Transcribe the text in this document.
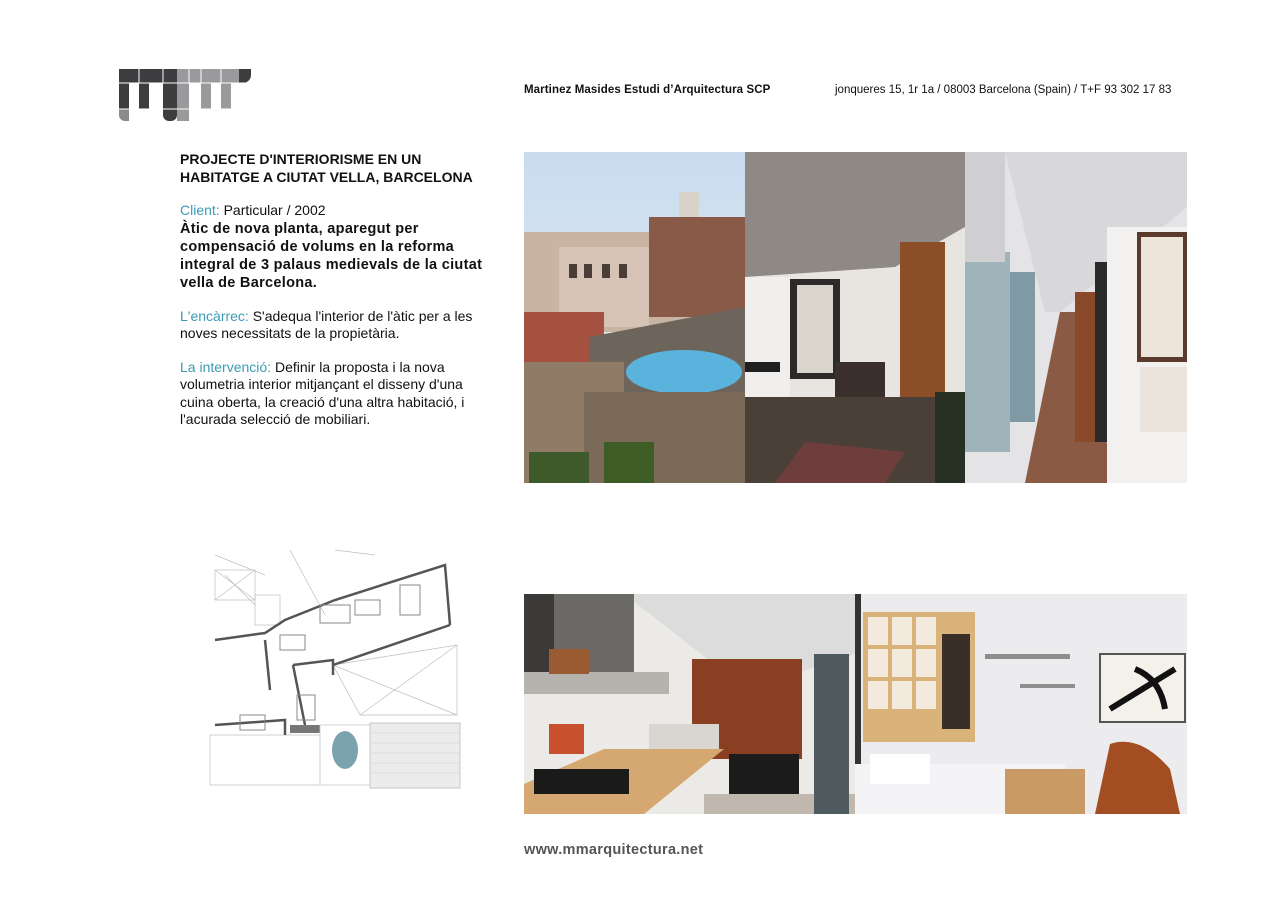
Martinez Masides Estudi d’Arquitectura SCP	jonqueres 15, 1r 1a / 08003 Barcelona (Spain) / T+F 93 302 17 83

PROJECTE D'INTERIORISME EN UN
HABITATGE A CIUTAT VELLA, BARCELONA

Client: Particular / 2002

Àtic de nova planta, aparegut per compensació de volums en la reforma integral de 3 palaus medievals de la ciutat vella de Barcelona.

L'encàrrec: S'adequa l'interior de l'àtic per a les noves necessitats de la propietària.

La intervenció: Definir la proposta i la nova volumetria interior mitjançant el disseny d'una cuina oberta, la creació d'una altra habitació, i l'acurada selecció de mobiliari.

www.mmarquitectura.net
